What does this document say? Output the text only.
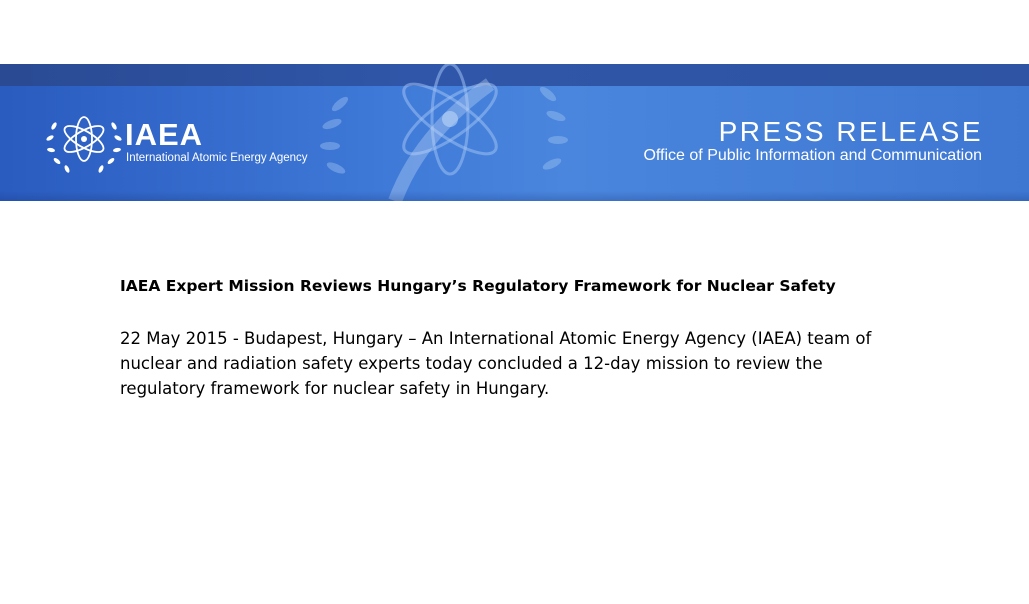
IAEA
International Atomic Energy Agency
PRESS RELEASE
Office of Public Information and Communication
IAEA Expert Mission Reviews Hungary’s Regulatory Framework for Nuclear Safety
22 May 2015 - Budapest, Hungary – An International Atomic Energy Agency (IAEA) team of nuclear and radiation safety experts today concluded a 12-day mission to review the regulatory framework for nuclear safety in Hungary.
